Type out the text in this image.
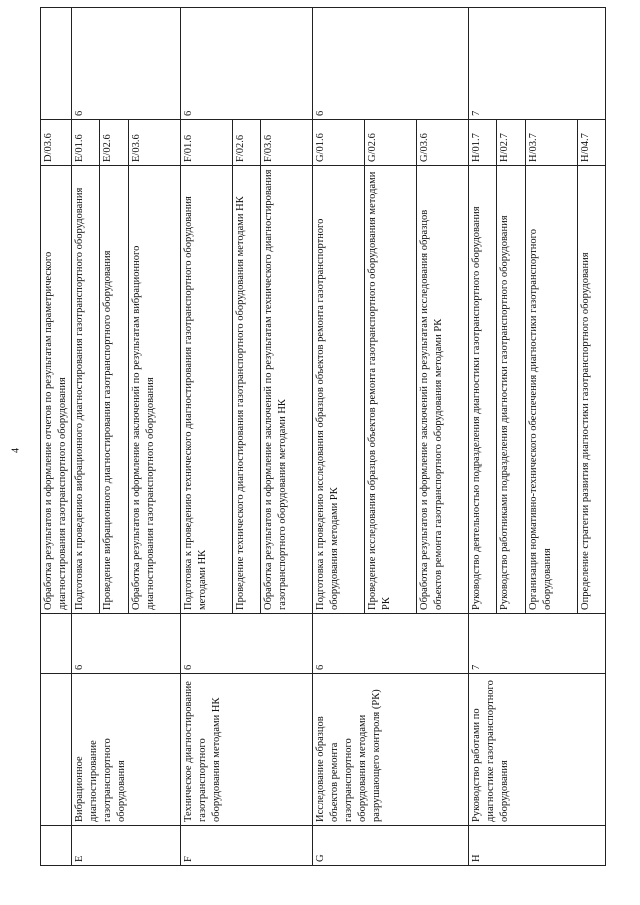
4
			Обработка результатов и оформление отчетов по результатам параметрического диагностирования газотранспортного оборудования	D/03.6	
E	Вибрационное диагностирование газотранспортного оборудования	6	Подготовка к проведению вибрационного диагностирования газотранспортного оборудования	E/01.6	6
			Проведение вибрационного диагностирования газотранспортного оборудования	E/02.6	
			Обработка результатов и оформление заключений по результатам вибрационного диагностирования газотранспортного оборудования	E/03.6	
F	Техническое диагностирование газотранспортного оборудования методами НК	6	Подготовка к проведению технического диагностирования газотранспортного оборудования методами НК	F/01.6	6
			Проведение технического диагностирования газотранспортного оборудования методами НК	F/02.6	
			Обработка результатов и оформление заключений по результатам технического диагностирования газотранспортного оборудования методами НК	F/03.6	
G	Исследование образцов объектов ремонта газотранспортного оборудования методами разрушающего контроля (РК)	6	Подготовка к проведению исследования образцов объектов ремонта газотранспортного оборудования методами РК	G/01.6	6
			Проведение исследования образцов объектов ремонта газотранспортного оборудования методами РК	G/02.6	
			Обработка результатов и оформление заключений по результатам исследования образцов объектов ремонта газотранспортного оборудования методами РК	G/03.6	
H	Руководство работами по диагностике газотранспортного оборудования	7	Руководство деятельностью подразделения диагностики газотранспортного оборудования	H/01.7	7
			Руководство работниками подразделения диагностики газотранспортного оборудования	H/02.7	
			Организация нормативно-технического обеспечения диагностики газотранспортного оборудования	H/03.7	
			Определение стратегии развития диагностики газотранспортного оборудования	H/04.7	
